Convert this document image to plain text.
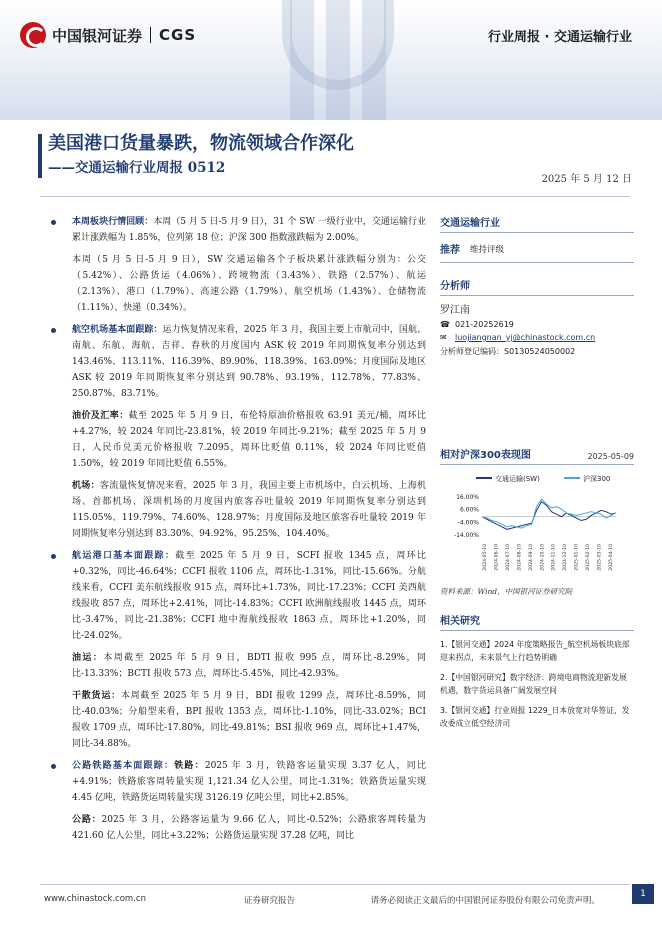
中国银河证券 CGS	行业周报 · 交通运输行业
美国港口货量暴跌，物流领域合作深化
——交通运输行业周报 0512
2025 年 5 月 12 日

本周板块行情回顾：本周（5 月 5 日-5 月 9 日），31 个 SW 一级行业中，交通运输行业累计涨跌幅为 1.85%，位列第 18 位；沪深 300 指数涨跌幅为 2.00%。

本周（5 月 5 日-5 月 9 日），SW 交通运输各个子板块累计涨跌幅分别为：公交（5.42%）、公路货运（4.06%）、跨境物流（3.43%）、铁路（2.57%）、航运（2.13%）、港口（1.79%）、高速公路（1.79%）、航空机场（1.43%）、仓储物流（1.11%）、快递（0.34%）。

航空机场基本面跟踪：运力恢复情况来看，2025 年 3 月，我国主要上市航司中，国航、南航、东航、海航、吉祥、春秋的月度国内 ASK 较 2019 年同期恢复率分别达到 143.46%、113.11%、116.39%、89.90%、118.39%、163.09%；月度国际及地区 ASK 较 2019 年同期恢复率分别达到 90.78%、93.19%、112.78%、77.83%、250.87%、83.71%。

油价及汇率：截至 2025 年 5 月 9 日，布伦特原油价格报收 63.91 美元/桶，周环比+4.27%，较 2024 年同比-23.81%，较 2019 年同比-9.21%；截至 2025 年 5 月 9 日，人民币兑美元价格报收 7.2095，周环比贬值 0.11%，较 2024 年同比贬值 1.50%，较 2019 年同比贬值 6.55%。

机场：客流量恢复情况来看，2025 年 3 月，我国主要上市机场中，白云机场、上海机场、首都机场、深圳机场的月度国内旅客吞吐量较 2019 年同期恢复率分别达到 115.05%、119.79%、74.60%、128.97%；月度国际及地区旅客吞吐量较 2019 年同期恢复率分别达到 83.30%、94.92%、95.25%、104.40%。

航运港口基本面跟踪：截至 2025 年 5 月 9 日，SCFI 报收 1345 点，周环比+0.32%，同比-46.64%；CCFI 报收 1106 点，周环比-1.31%，同比-15.66%。分航线来看，CCFI 美东航线报收 915 点，周环比+1.73%，同比-17.23%；CCFI 美西航线报收 857 点，周环比+2.41%，同比-14.83%；CCFI 欧洲航线报收 1445 点，周环比-3.47%，同比-21.38%；CCFI 地中海航线报收 1863 点，周环比+1.20%，同比-24.02%。

油运：本周截至 2025 年 5 月 9 日，BDTI 报收 995 点，周环比-8.29%，同比-13.33%；BCTI 报收 573 点，周环比-5.45%，同比-42.93%。

干散货运：本周截至 2025 年 5 月 9 日，BDI 报收 1299 点，周环比-8.59%，同比-40.03%；分船型来看，BPI 报收 1353 点，周环比-1.10%，同比-33.02%；BCI 报收 1709 点，周环比-17.80%，同比-49.81%；BSI 报收 969 点，周环比+1.47%，同比-34.88%。

公路铁路基本面跟踪：铁路：2025 年 3 月，铁路客运量实现 3.37 亿人，同比+4.91%；铁路旅客周转量实现 1,121.34 亿人公里，同比-1.31%；铁路货运量实现 4.45 亿吨，铁路货运周转量实现 3126.19 亿吨公里，同比+2.85%。

公路：2025 年 3 月，公路客运量为 9.66 亿人，同比-0.52%；公路旅客周转量为 421.60 亿人公里，同比+3.22%；公路货运量实现 37.28 亿吨，同比

交通运输行业
推荐 维持评级
分析师
罗江南
☎ 021-20252619
✉	luojiangnan_yj@chinastock.com.cn
分析师登记编码：S0130524050002
相对沪深300表现图	2025-05-09
交通运输(SW)	沪深300
16.00%
6.00%
-4.00%
-14.00%
2024-05-10 2024-06-10 2024-07-10 2024-08-10 2024-09-10 2024-10-10 2024-11-10 2024-12-10 2025-01-10 2025-02-10 2025-03-10 2025-04-10
资料来源：Wind，中国银河证券研究院
相关研究
1.【银河交通】2024 年度策略报告_航空机场板块底部迎来拐点，未来景气上行趋势明确
2.【中国银河研究】数字经济：跨境电商物流迎新发展机遇，数字货运具备广阔发展空间
3.【银河交通】行业周报 1229_日本放宽对华签证，发改委成立低空经济司
www.chinastock.com.cn	证券研究报告	请务必阅读正文最后的中国银河证券股份有限公司免责声明。
1
